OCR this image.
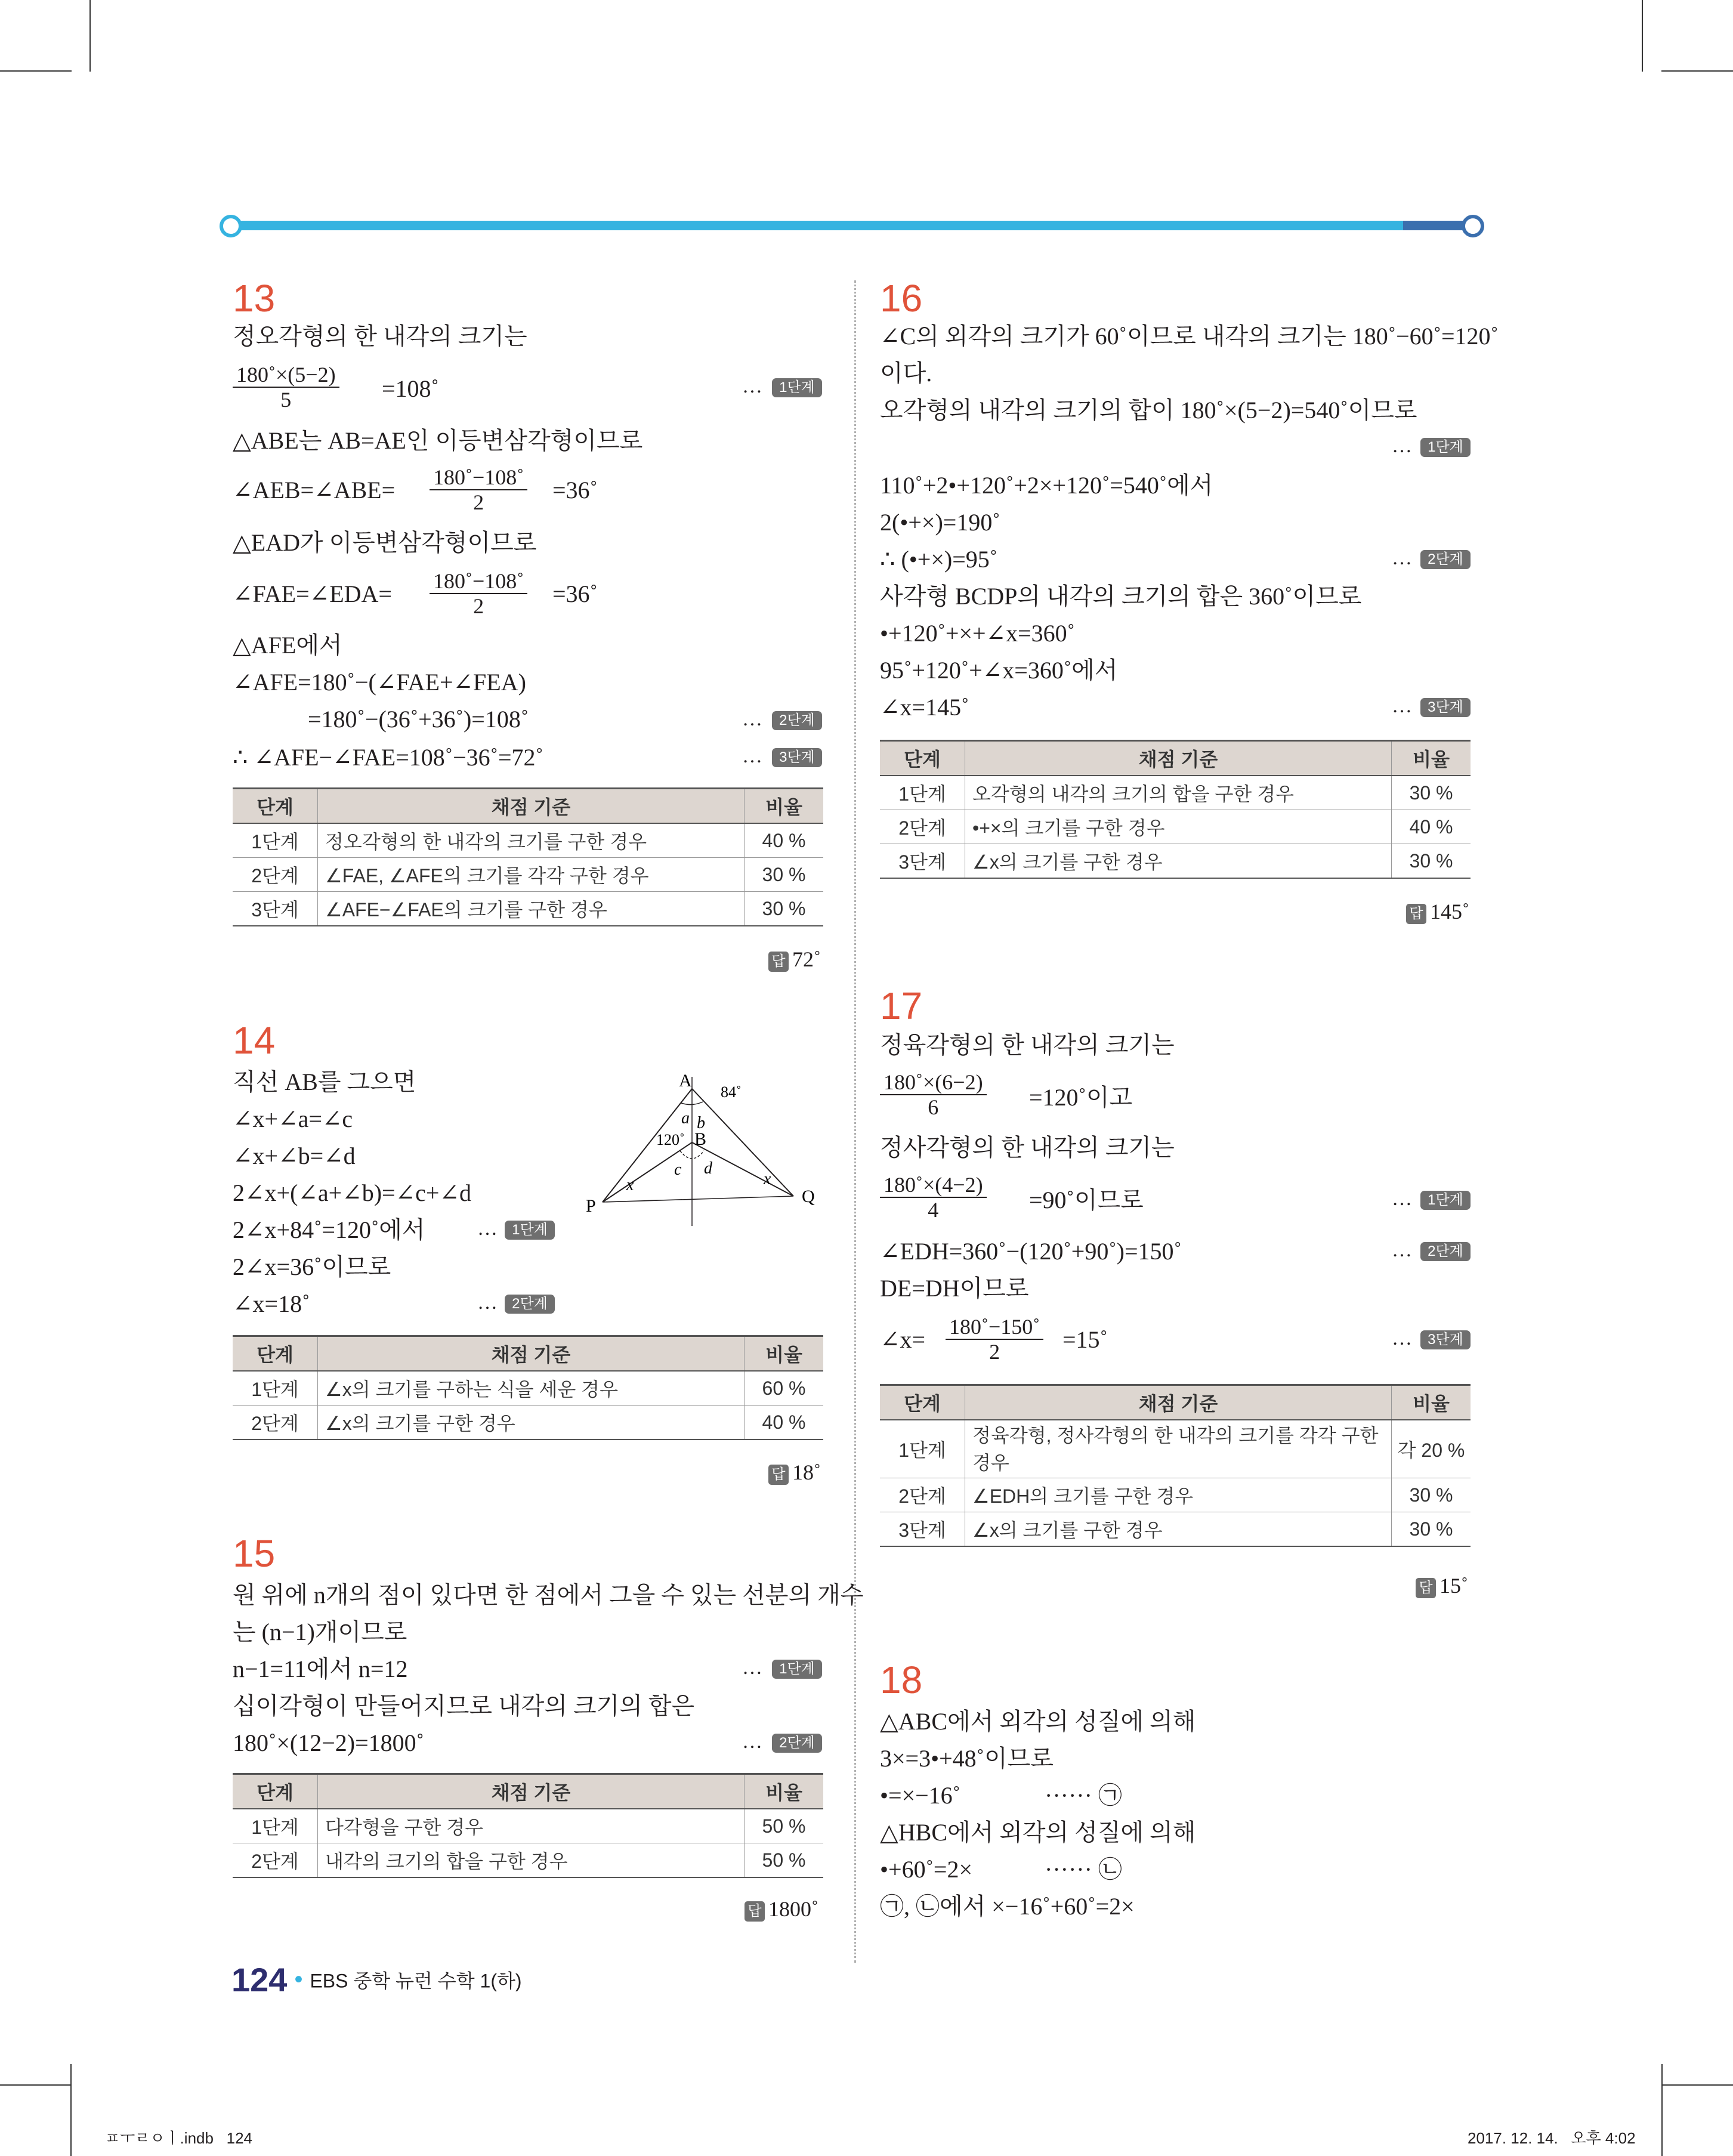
13
정오각형의 한 내각의 크기는
$\frac{180˚\times(5-2)}{5}$ =108˚	…	1단계
△ABE는 AB=AE인 이등변삼각형이므로
∠AEB=∠ABE= $\frac{180˚-108˚}{2}$ =36˚
△EAD가 이등변삼각형이므로
∠FAE=∠EDA= $\frac{180˚-108˚}{2}$ =36˚
△AFE에서
∠AFE=180˚−(∠FAE+∠FEA)
=180˚−(36˚+36˚)=108˚	…	2단계
∴ ∠AFE−∠FAE=108˚−36˚=72˚	…	3단계
단계	채점 기준	비율
1단계	정오각형의 한 내각의 크기를 구한 경우	40 %
2단계	∠FAE, ∠AFE의 크기를 각각 구한 경우	30 %
3단계	∠AFE−∠FAE의 크기를 구한 경우	30 %
답 72˚
14
직선 AB를 그으면
∠x+∠a=∠c
∠x+∠b=∠d
2∠x+(∠a+∠b)=∠c+∠d
2∠x+84˚=120˚에서	…	1단계
2∠x=36˚이므로
∠x=18˚	…	2단계
A
84˚
a b
120˚ B
c d
x	x
P	Q
단계	채점 기준	비율
1단계	∠x의 크기를 구하는 식을 세운 경우	60 %
2단계	∠x의 크기를 구한 경우	40 %
답 18˚
15
원 위에 n개의 점이 있다면 한 점에서 그을 수 있는 선분의 개수
는 (n−1)개이므로
n−1=11에서 n=12	…	1단계
십이각형이 만들어지므로 내각의 크기의 합은
180˚×(12−2)=1800˚	…	2단계
단계	채점 기준	비율
1단계	다각형을 구한 경우	50 %
2단계	내각의 크기의 합을 구한 경우	50 %
답 1800˚
16
∠C의 외각의 크기가 60˚이므로 내각의 크기는 180˚−60˚=120˚
이다.
오각형의 내각의 크기의 합이 180˚×(5−2)=540˚이므로
…	1단계
110˚+2•+120˚+2×+120˚=540˚에서
2(•+×)=190˚
∴ (•+×)=95˚	…	2단계
사각형 BCDP의 내각의 크기의 합은 360˚이므로
•+120˚+×+∠x=360˚
95˚+120˚+∠x=360˚에서
∠x=145˚	…	3단계
단계	채점 기준	비율
1단계	오각형의 내각의 크기의 합을 구한 경우	30 %
2단계	•+×의 크기를 구한 경우	40 %
3단계	∠x의 크기를 구한 경우	30 %
답 145˚
17
정육각형의 한 내각의 크기는
$\frac{180˚\times(6-2)}{6}$ =120˚이고
정사각형의 한 내각의 크기는
$\frac{180˚\times(4-2)}{4}$ =90˚이므로	…	1단계
∠EDH=360˚−(120˚+90˚)=150˚	…	2단계
DE=DH이므로
∠x= $\frac{180˚-150˚}{2}$ =15˚	…	3단계
단계	채점 기준	비율
1단계	정육각형, 정사각형의 한 내각의 크기를 각각 구한 경우	각 20 %
2단계	∠EDH의 크기를 구한 경우	30 %
3단계	∠x의 크기를 구한 경우	30 %
답 15˚
18
△ABC에서 외각의 성질에 의해
3×=3•+48˚이므로
•=×−16˚	······ ㉠
△HBC에서 외각의 성질에 의해
•+60˚=2×	······ ㉡
㉠, ㉡에서 ×−16˚+60˚=2×
124 • EBS 중학 뉴런 수학 1(하)
ㅍㅜㄹㅇㅣ.indb   124	2017. 12. 14.   오후 4:02
